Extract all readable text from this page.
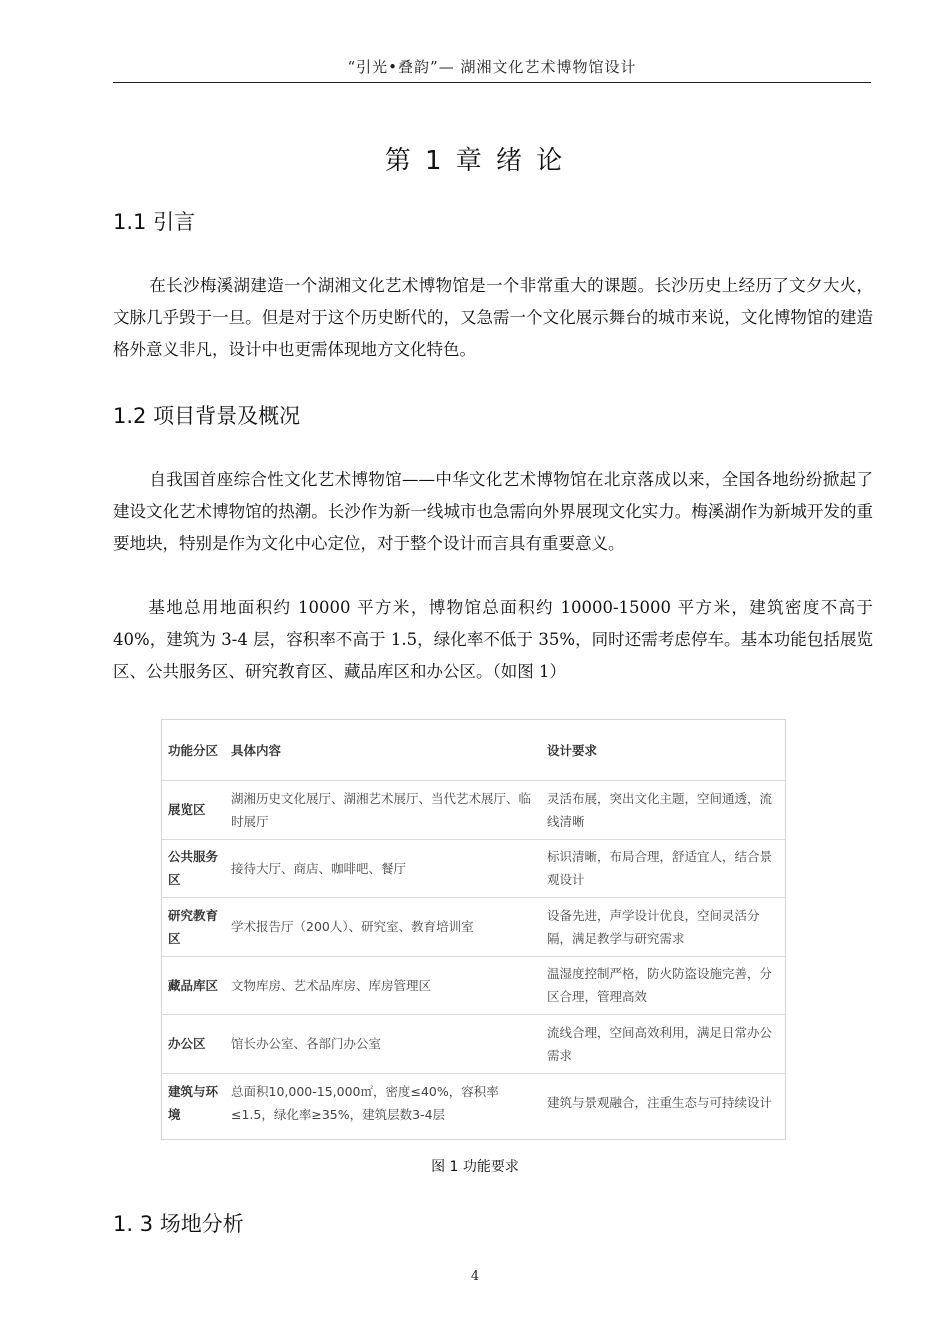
“引光•叠韵”— 湖湘文化艺术博物馆设计
第 1 章 绪 论
1.1 引言
在长沙梅溪湖建造一个湖湘文化艺术博物馆是一个非常重大的课题。长沙历史上经历了文夕大火，文脉几乎毁于一旦。但是对于这个历史断代的，又急需一个文化展示舞台的城市来说，文化博物馆的建造格外意义非凡，设计中也更需体现地方文化特色。
1.2 项目背景及概况
自我国首座综合性文化艺术博物馆——中华文化艺术博物馆在北京落成以来，全国各地纷纷掀起了建设文化艺术博物馆的热潮。长沙作为新一线城市也急需向外界展现文化实力。梅溪湖作为新城开发的重要地块，特别是作为文化中心定位，对于整个设计而言具有重要意义。
基地总用地面积约 10000 平方米，博物馆总面积约 10000-15000 平方米，建筑密度不高于 40%，建筑为 3-4 层，容积率不高于 1.5，绿化率不低于 35%，同时还需考虑停车。基本功能包括展览区、公共服务区、研究教育区、藏品库区和办公区。（如图 1）
功能分区	具体内容	设计要求
展览区	湖湘历史文化展厅、湖湘艺术展厅、当代艺术展厅、临时展厅	灵活布展，突出文化主题，空间通透，流线清晰
公共服务区	接待大厅、商店、咖啡吧、餐厅	标识清晰，布局合理，舒适宜人，结合景观设计
研究教育区	学术报告厅（200人）、研究室、教育培训室	设备先进，声学设计优良，空间灵活分隔，满足教学与研究需求
藏品库区	文物库房、艺术品库房、库房管理区	温湿度控制严格，防火防盗设施完善，分区合理，管理高效
办公区	馆长办公室、各部门办公室	流线合理，空间高效利用，满足日常办公需求
建筑与环境	总面积10,000-15,000㎡，密度≤40%，容积率≤1.5，绿化率≥35%，建筑层数3-4层	建筑与景观融合，注重生态与可持续设计
图 1 功能要求
1. 3 场地分析
4
